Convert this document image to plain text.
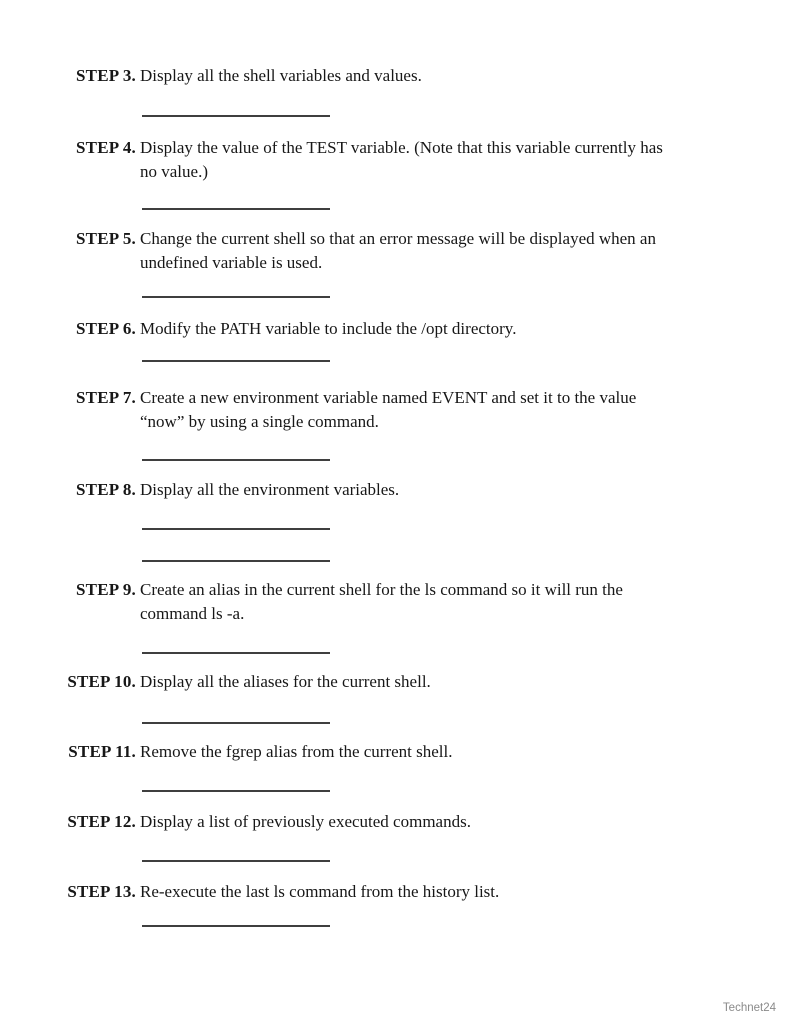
STEP 3. Display all the shell variables and values.
STEP 4. Display the value of the TEST variable. (Note that this variable currently has
no value.)
STEP 5. Change the current shell so that an error message will be displayed when an
undefined variable is used.
STEP 6. Modify the PATH variable to include the /opt directory.
STEP 7. Create a new environment variable named EVENT and set it to the value
“now” by using a single command.
STEP 8. Display all the environment variables.
STEP 9. Create an alias in the current shell for the ls command so it will run the
command ls -a.
STEP 10. Display all the aliases for the current shell.
STEP 11. Remove the fgrep alias from the current shell.
STEP 12. Display a list of previously executed commands.
STEP 13. Re-execute the last ls command from the history list.
Technet24
